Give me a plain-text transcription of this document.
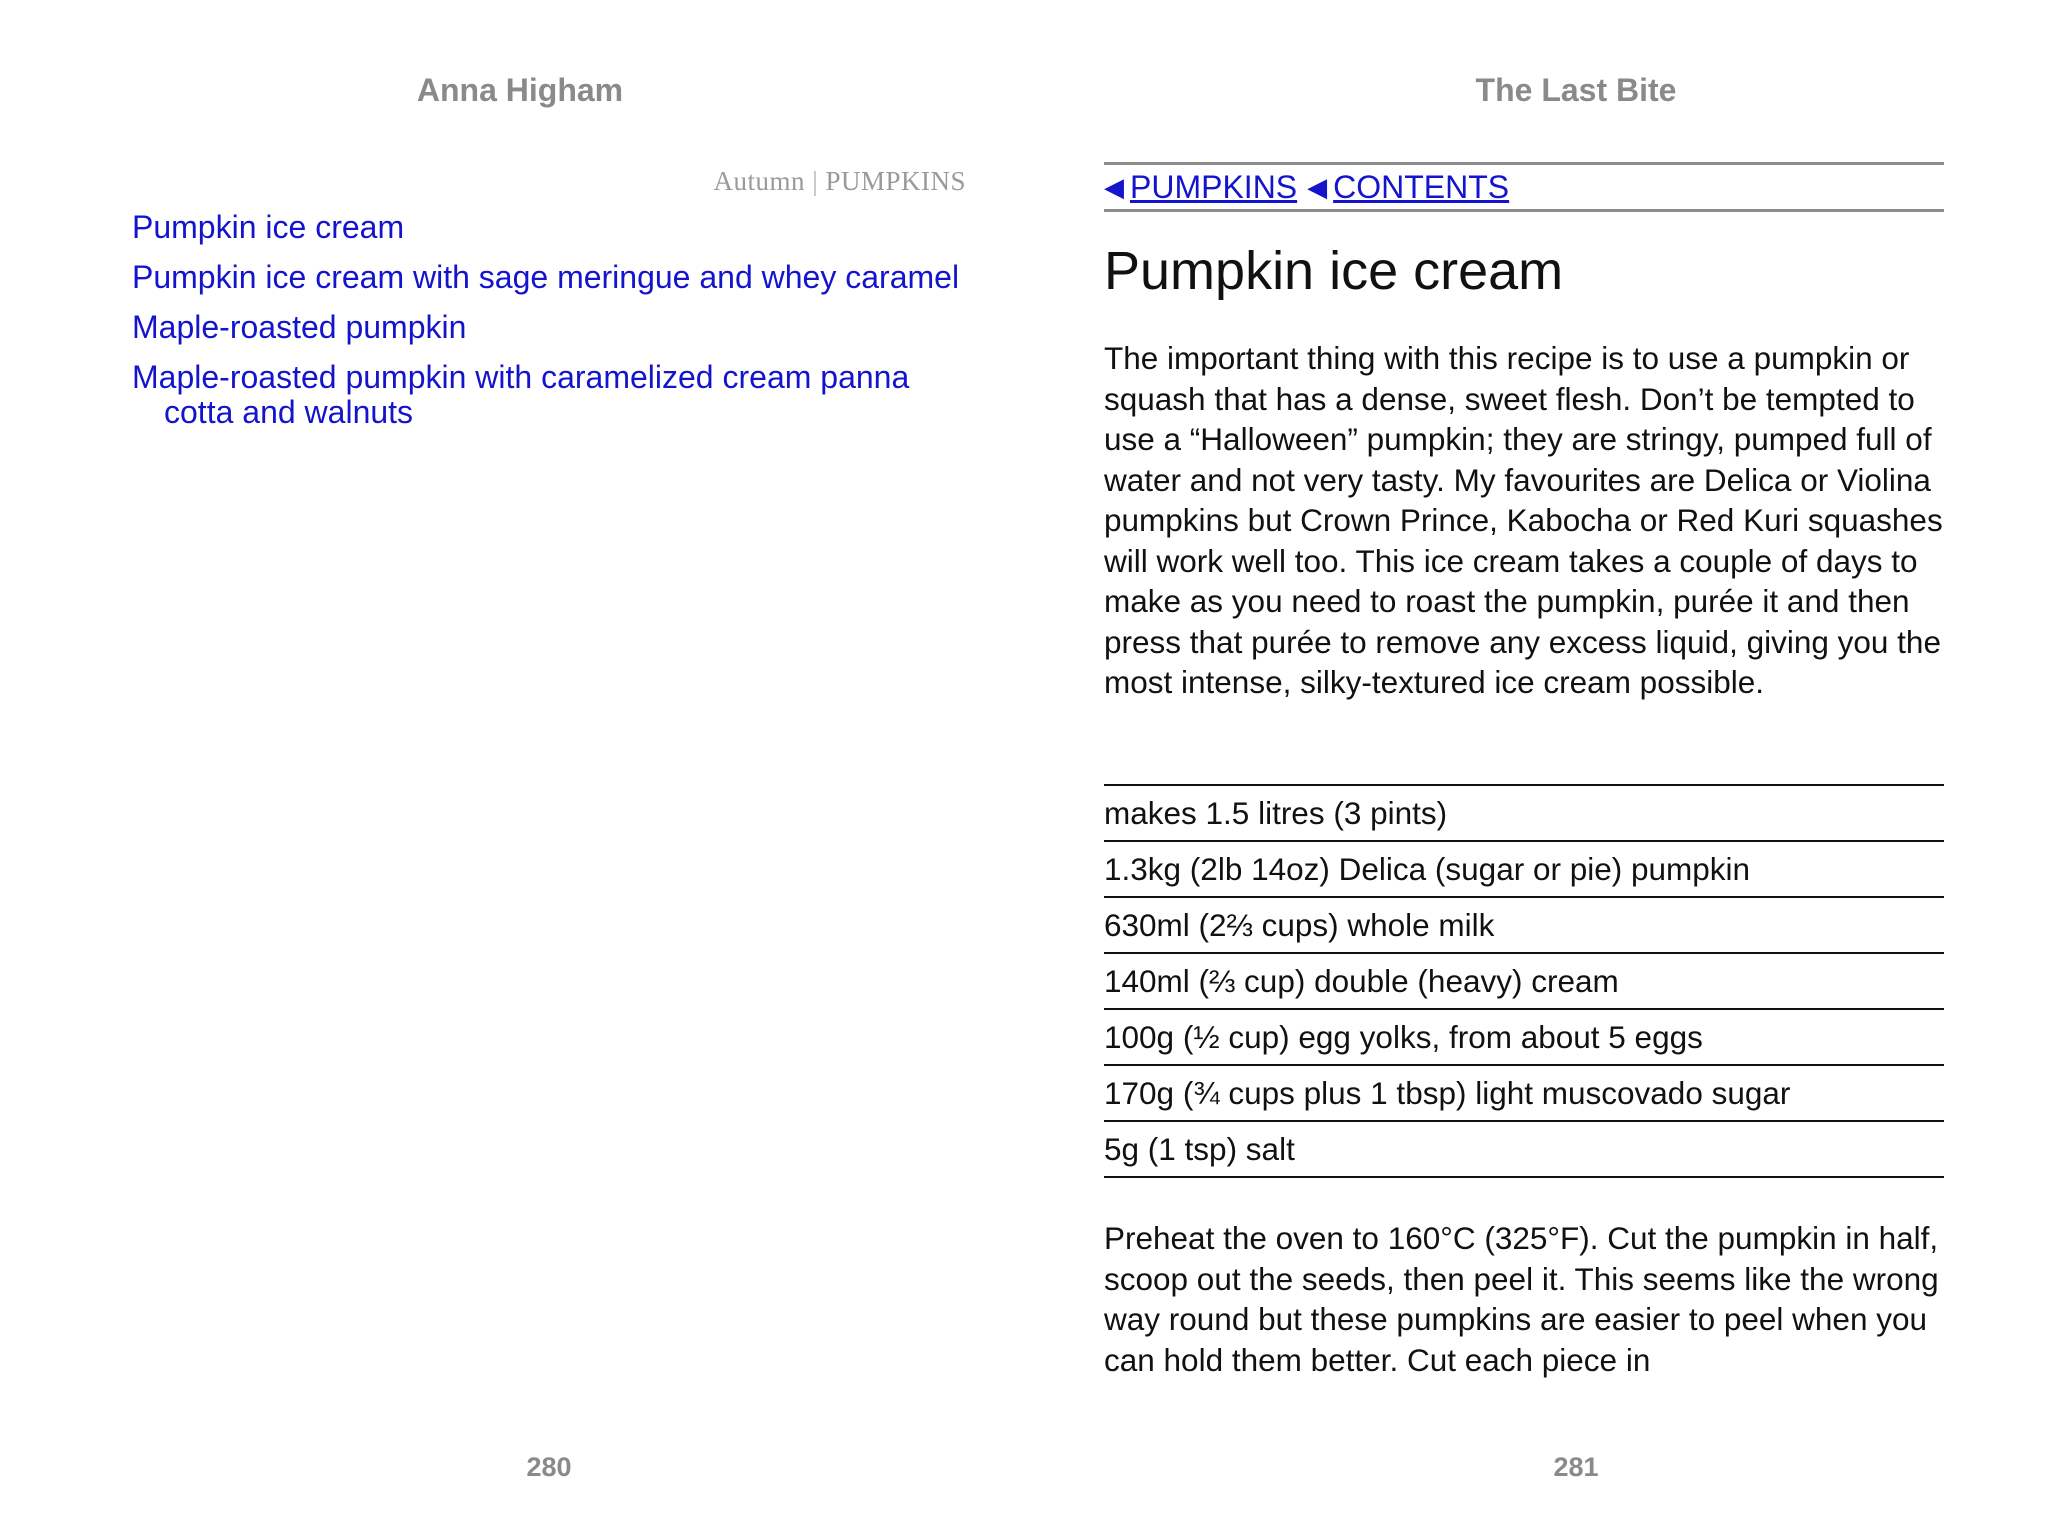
Anna Higham
Autumn | PUMPKINS
Pumpkin ice cream
Pumpkin ice cream with sage meringue and whey caramel
Maple-roasted pumpkin
Maple-roasted pumpkin with caramelized cream panna cotta and walnuts
280
The Last Bite
281
◀ PUMPKINS ◀ CONTENTS
Pumpkin ice cream

The important thing with this recipe is to use a pumpkin or squash that has a dense, sweet flesh. Don’t be tempted to use a “Halloween” pumpkin; they are stringy, pumped full of water and not very tasty. My favourites are Delica or Violina pumpkins but Crown Prince, Kabocha or Red Kuri squashes will work well too. This ice cream takes a couple of days to make as you need to roast the pumpkin, purée it and then press that purée to remove any excess liquid, giving you the most intense, silky-textured ice cream possible.

makes 1.5 litres (3 pints)
1.3kg (2lb 14oz) Delica (sugar or pie) pumpkin
630ml (2⅔ cups) whole milk
140ml (⅔ cup) double (heavy) cream
100g (½ cup) egg yolks, from about 5 eggs
170g (¾ cups plus 1 tbsp) light muscovado sugar
5g (1 tsp) salt

Preheat the oven to 160°C (325°F). Cut the pumpkin in half, scoop out the seeds, then peel it. This seems like the wrong way round but these pumpkins are easier to peel when you can hold them better. Cut each piece in
